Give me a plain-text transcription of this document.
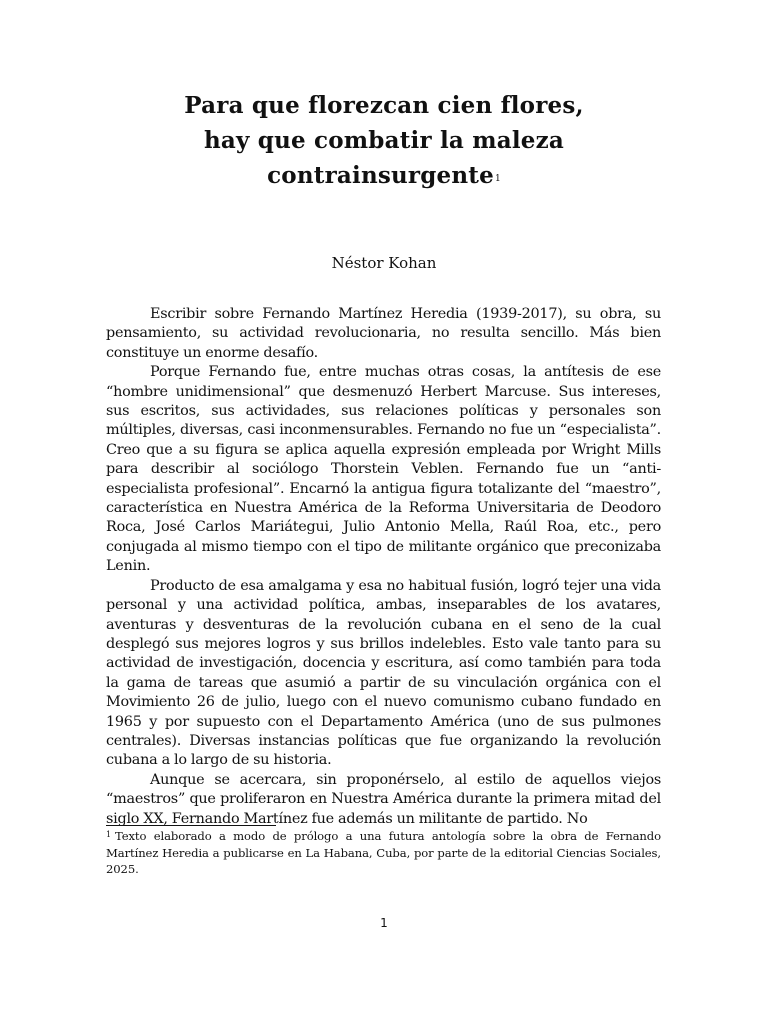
Para que florezcan cien flores,
hay que combatir la maleza
contrainsurgente$^1$
Néstor Kohan

Escribir sobre Fernando Martínez Heredia (1939-2017), su obra, su pensamiento, su actividad revolucionaria, no resulta sencillo. Más bien constituye un enorme desafío.

Porque Fernando fue, entre muchas otras cosas, la antítesis de ese “hombre unidimensional” que desmenuzó Herbert Marcuse. Sus intereses, sus escritos, sus actividades, sus relaciones políticas y personales son múltiples, diversas, casi inconmensurables. Fernando no fue un “especialista”. Creo que a su figura se aplica aquella expresión empleada por Wright Mills para describir al sociólogo Thorstein Veblen. Fernando fue un “anti-especialista profesional”. Encarnó la antigua figura totalizante del “maestro”, característica en Nuestra América de la Reforma Universitaria de Deodoro Roca, José Carlos Mariátegui, Julio Antonio Mella, Raúl Roa, etc., pero conjugada al mismo tiempo con el tipo de militante orgánico que preconizaba Lenin.

Producto de esa amalgama y esa no habitual fusión, logró tejer una vida personal y una actividad política, ambas, inseparables de los avatares, aventuras y desventuras de la revolución cubana en el seno de la cual desplegó sus mejores logros y sus brillos indelebles. Esto vale tanto para su actividad de investigación, docencia y escritura, así como también para toda la gama de tareas que asumió a partir de su vinculación orgánica con el Movimiento 26 de julio, luego con el nuevo comunismo cubano fundado en 1965 y por supuesto con el Departamento América (uno de sus pulmones centrales). Diversas instancias políticas que fue organizando la revolución cubana a lo largo de su historia.

Aunque se acercara, sin proponérselo, al estilo de aquellos viejos “maestros” que proliferaron en Nuestra América durante la primera mitad del siglo XX, Fernando Martínez fue además un militante de partido. No

$^1$ Texto elaborado a modo de prólogo a una futura antología sobre la obra de Fernando Martínez Heredia a publicarse en La Habana, Cuba, por parte de la editorial Ciencias Sociales, 2025.
1
